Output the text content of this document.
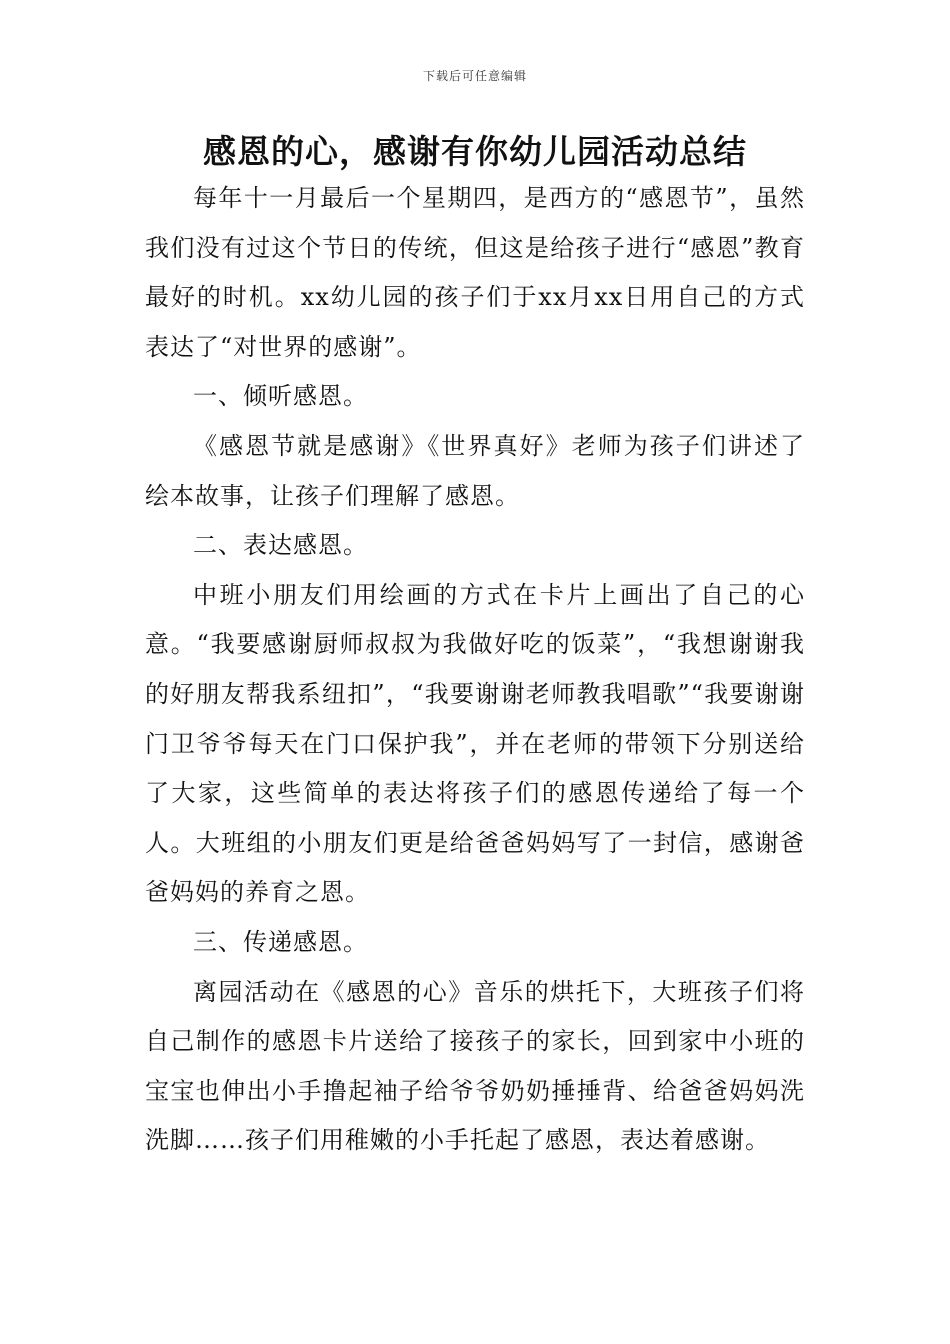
下载后可任意编辑
感恩的心，感谢有你幼儿园活动总结

每年十一月最后一个星期四，是西方的“感恩节”，虽然我们没有过这个节日的传统，但这是给孩子进行“感恩”教育最好的时机。xx幼儿园的孩子们于xx月xx日用自己的方式表达了“对世界的感谢”。

一、倾听感恩。

《感恩节就是感谢》《世界真好》老师为孩子们讲述了绘本故事，让孩子们理解了感恩。

二、表达感恩。

中班小朋友们用绘画的方式在卡片上画出了自己的心意。“我要感谢厨师叔叔为我做好吃的饭菜”，“我想谢谢我的好朋友帮我系纽扣”，“我要谢谢老师教我唱歌”“我要谢谢门卫爷爷每天在门口保护我”，并在老师的带领下分别送给了大家，这些简单的表达将孩子们的感恩传递给了每一个人。大班组的小朋友们更是给爸爸妈妈写了一封信，感谢爸爸妈妈的养育之恩。

三、传递感恩。

离园活动在《感恩的心》音乐的烘托下，大班孩子们将自己制作的感恩卡片送给了接孩子的家长，回到家中小班的宝宝也伸出小手撸起袖子给爷爷奶奶捶捶背、给爸爸妈妈洗洗脚……孩子们用稚嫩的小手托起了感恩，表达着感谢。
